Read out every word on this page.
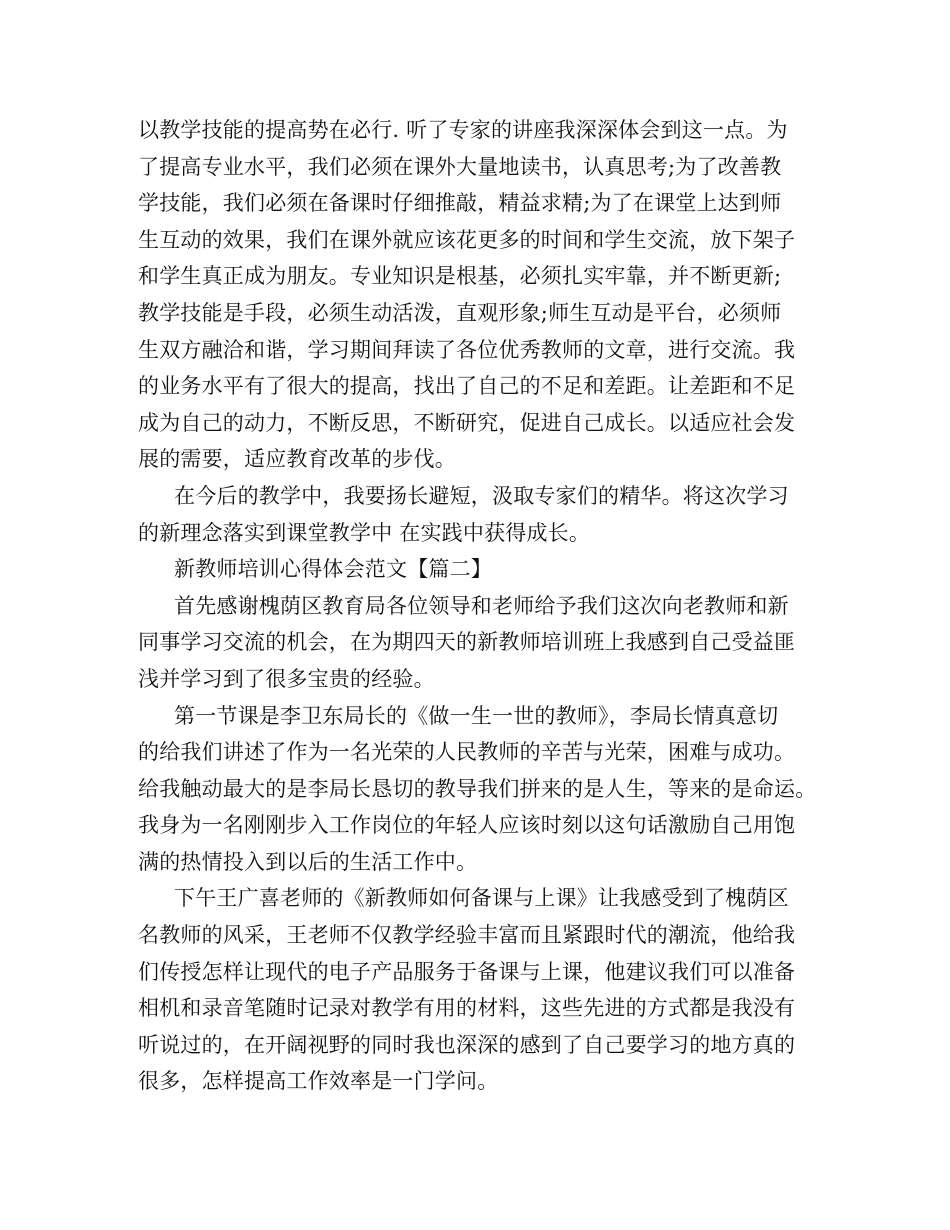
以教学技能的提高势在必行. 听了专家的讲座我深深体会到这一点。为
了提高专业水平，我们必须在课外大量地读书，认真思考;为了改善教
学技能，我们必须在备课时仔细推敲，精益求精;为了在课堂上达到师
生互动的效果，我们在课外就应该花更多的时间和学生交流，放下架子
和学生真正成为朋友。专业知识是根基，必须扎实牢靠，并不断更新;
教学技能是手段，必须生动活泼，直观形象;师生互动是平台，必须师
生双方融洽和谐，学习期间拜读了各位优秀教师的文章，进行交流。我
的业务水平有了很大的提高，找出了自己的不足和差距。让差距和不足
成为自己的动力，不断反思，不断研究，促进自己成长。以适应社会发
展的需要，适应教育改革的步伐。
在今后的教学中，我要扬长避短，汲取专家们的精华。将这次学习
的新理念落实到课堂教学中 在实践中获得成长。
新教师培训心得体会范文【篇二】
首先感谢槐荫区教育局各位领导和老师给予我们这次向老教师和新
同事学习交流的机会，在为期四天的新教师培训班上我感到自己受益匪
浅并学习到了很多宝贵的经验。
第一节课是李卫东局长的《做一生一世的教师》，李局长情真意切
的给我们讲述了作为一名光荣的人民教师的辛苦与光荣，困难与成功。
给我触动最大的是李局长恳切的教导我们拼来的是人生，等来的是命运。
我身为一名刚刚步入工作岗位的年轻人应该时刻以这句话激励自己用饱
满的热情投入到以后的生活工作中。
下午王广喜老师的《新教师如何备课与上课》让我感受到了槐荫区
名教师的风采，王老师不仅教学经验丰富而且紧跟时代的潮流，他给我
们传授怎样让现代的电子产品服务于备课与上课，他建议我们可以准备
相机和录音笔随时记录对教学有用的材料，这些先进的方式都是我没有
听说过的，在开阔视野的同时我也深深的感到了自己要学习的地方真的
很多，怎样提高工作效率是一门学问。
